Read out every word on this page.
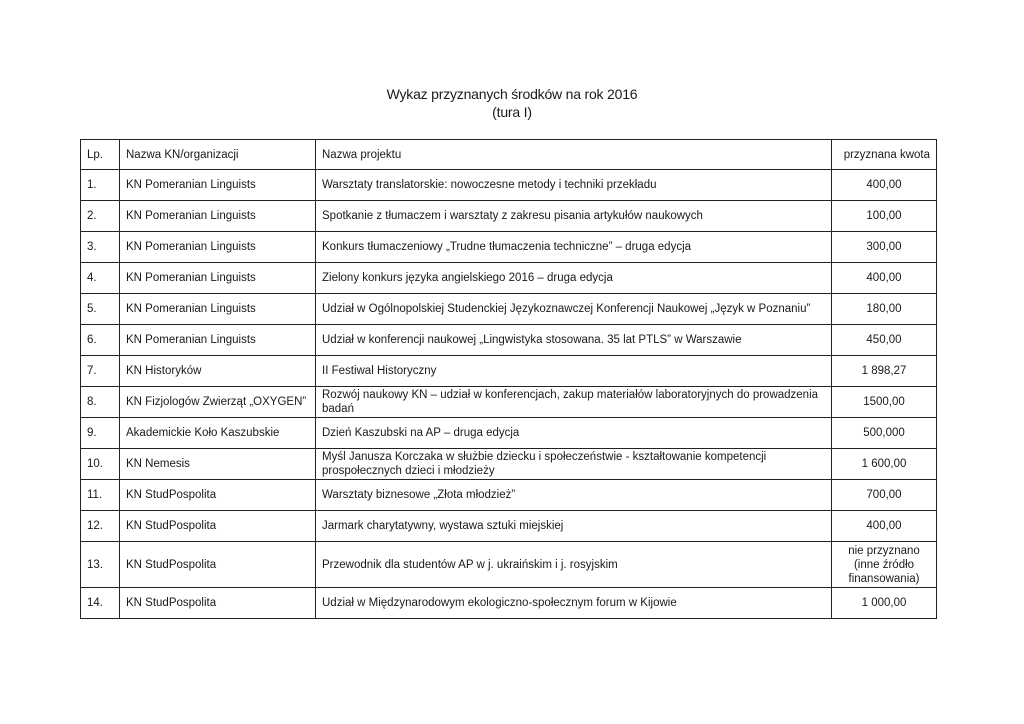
Wykaz przyznanych środków na rok 2016
(tura I)
Lp.	Nazwa KN/organizacji	Nazwa projektu	przyznana kwota
1.	KN Pomeranian Linguists	Warsztaty translatorskie: nowoczesne metody i techniki przekładu	400,00
2.	KN Pomeranian Linguists	Spotkanie z tłumaczem i warsztaty z zakresu pisania artykułów naukowych	100,00
3.	KN Pomeranian Linguists	Konkurs tłumaczeniowy „Trudne tłumaczenia techniczne” – druga edycja	300,00
4.	KN Pomeranian Linguists	Zielony konkurs języka angielskiego 2016 – druga edycja	400,00
5.	KN Pomeranian Linguists	Udział w Ogólnopolskiej Studenckiej Językoznawczej Konferencji Naukowej „Język w Poznaniu”	180,00
6.	KN Pomeranian Linguists	Udział w konferencji naukowej „Lingwistyka stosowana. 35 lat PTLS” w Warszawie	450,00
7.	KN Historyków	II Festiwal Historyczny	1 898,27
8.	KN Fizjologów Zwierząt „OXYGEN”	Rozwój naukowy KN – udział w konferencjach, zakup materiałów laboratoryjnych do prowadzenia badań	1500,00
9.	Akademickie Koło Kaszubskie	Dzień Kaszubski na AP – druga edycja	500,000
10.	KN Nemesis	Myśl Janusza Korczaka w służbie dziecku i społeczeństwie - kształtowanie kompetencji prospołecznych dzieci i młodzieży	1 600,00
11.	KN StudPospolita	Warsztaty biznesowe „Złota młodzież”	700,00
12.	KN StudPospolita	Jarmark charytatywny, wystawa sztuki miejskiej	400,00
13.	KN StudPospolita	Przewodnik dla studentów AP w j. ukraińskim i j. rosyjskim	nie przyznano (inne źródło finansowania)
14.	KN StudPospolita	Udział w Międzynarodowym ekologiczno-społecznym forum w Kijowie	1 000,00
